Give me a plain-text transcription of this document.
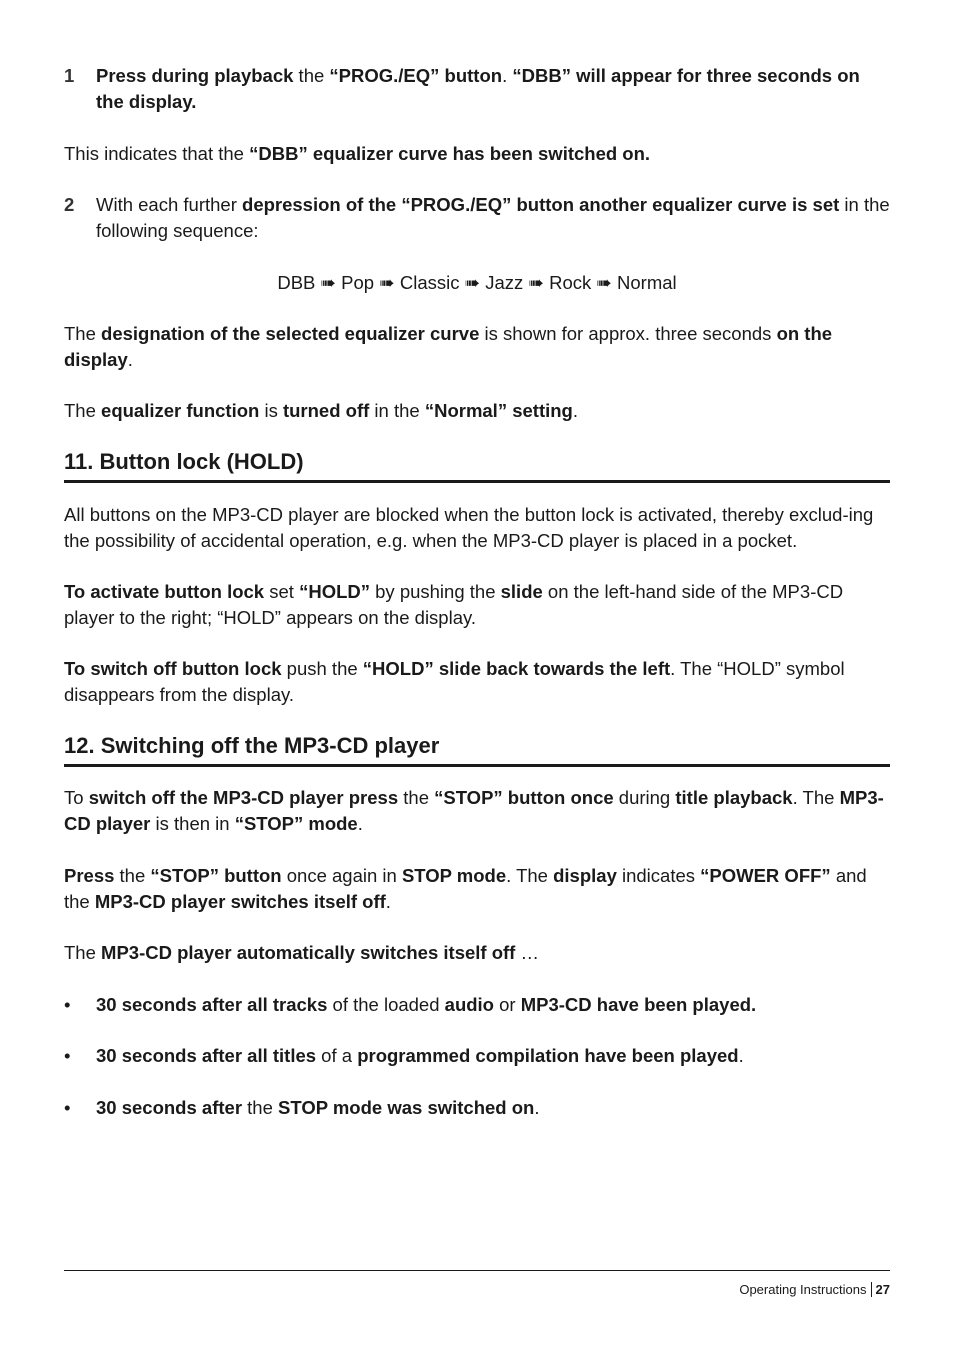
1	Press during playback the “PROG./EQ” button. “DBB” will appear for three seconds on the display.

This indicates that the “DBB” equalizer curve has been switched on.

2	With each further depression of the “PROG./EQ” button another equalizer curve is set in the following sequence:

DBB ➠ Pop ➠ Classic ➠ Jazz ➠ Rock ➠ Normal

The designation of the selected equalizer curve is shown for approx. three seconds on the display.

The equalizer function is turned off in the “Normal” setting.

11. Button lock (HOLD)

All buttons on the MP3-CD player are blocked when the button lock is activated, thereby exclud-ing the possibility of accidental operation, e.g. when the MP3-CD player is placed in a pocket.

To activate button lock set “HOLD” by pushing the slide on the left-hand side of the MP3-CD player to the right; “HOLD” appears on the display.

To switch off button lock push the “HOLD” slide back towards the left. The “HOLD” symbol disappears from the display.

12. Switching off the MP3-CD player

To switch off the MP3-CD player press the “STOP” button once during title playback. The MP3-CD player is then in “STOP” mode.

Press the “STOP” button once again in STOP mode. The display indicates “POWER OFF” and the MP3-CD player switches itself off.

The MP3-CD player automatically switches itself off …

•	30 seconds after all tracks of the loaded audio or MP3-CD have been played.

•	30 seconds after all titles of a programmed compilation have been played.

•	30 seconds after the STOP mode was switched on.

Operating Instructions 27
